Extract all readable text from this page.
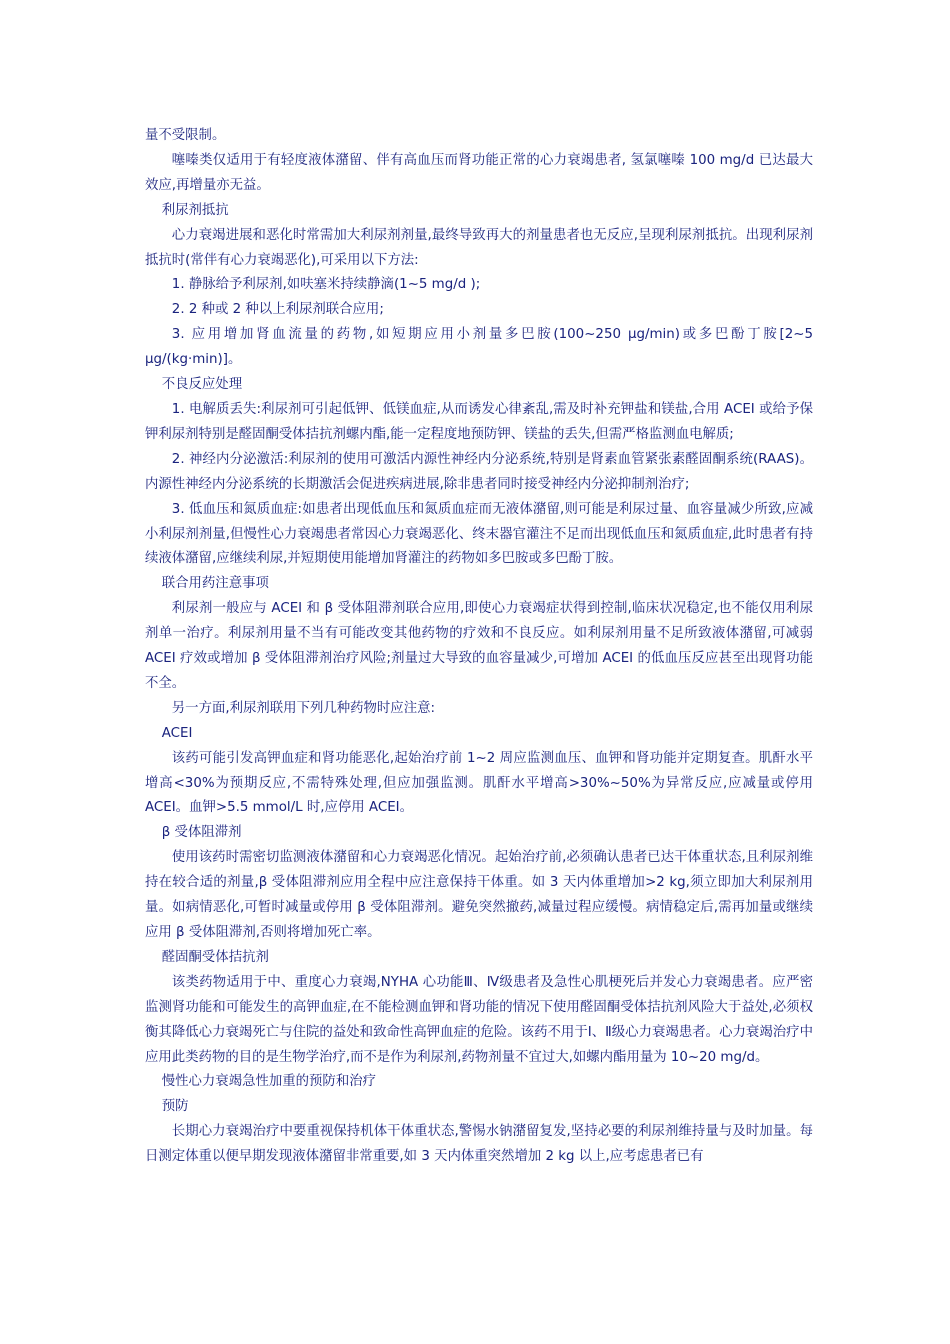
量不受限制。

噻嗪类仅适用于有轻度液体潴留、伴有高血压而肾功能正常的心力衰竭患者, 氢氯噻嗪 100 mg/d 已达最大效应,再增量亦无益。

利尿剂抵抗

心力衰竭进展和恶化时常需加大利尿剂剂量,最终导致再大的剂量患者也无反应,呈现利尿剂抵抗。出现利尿剂抵抗时(常伴有心力衰竭恶化),可采用以下方法:

1. 静脉给予利尿剂,如呋塞米持续静滴(1~5 mg/d );

2. 2 种或 2 种以上利尿剂联合应用;

3. 应用增加肾血流量的药物,如短期应用小剂量多巴胺(100~250 μg/min)或多巴酚丁胺[2~5 μg/(kg·min)]。

不良反应处理

1. 电解质丢失:利尿剂可引起低钾、低镁血症,从而诱发心律紊乱,需及时补充钾盐和镁盐,合用 ACEI 或给予保钾利尿剂特别是醛固酮受体拮抗剂螺内酯,能一定程度地预防钾、镁盐的丢失,但需严格监测血电解质;

2. 神经内分泌激活:利尿剂的使用可激活内源性神经内分泌系统,特别是肾素血管紧张素醛固酮系统(RAAS)。内源性神经内分泌系统的长期激活会促进疾病进展,除非患者同时接受神经内分泌抑制剂治疗;

3. 低血压和氮质血症:如患者出现低血压和氮质血症而无液体潴留,则可能是利尿过量、血容量减少所致,应减小利尿剂剂量,但慢性心力衰竭患者常因心力衰竭恶化、终末器官灌注不足而出现低血压和氮质血症,此时患者有持续液体潴留,应继续利尿,并短期使用能增加肾灌注的药物如多巴胺或多巴酚丁胺。

联合用药注意事项

利尿剂一般应与 ACEI 和 β 受体阻滞剂联合应用,即使心力衰竭症状得到控制,临床状况稳定,也不能仅用利尿剂单一治疗。利尿剂用量不当有可能改变其他药物的疗效和不良反应。如利尿剂用量不足所致液体潴留,可减弱 ACEI 疗效或增加 β 受体阻滞剂治疗风险;剂量过大导致的血容量减少,可增加 ACEI 的低血压反应甚至出现肾功能不全。

另一方面,利尿剂联用下列几种药物时应注意:

ACEI

该药可能引发高钾血症和肾功能恶化,起始治疗前 1~2 周应监测血压、血钾和肾功能并定期复查。肌酐水平增高<30%为预期反应,不需特殊处理,但应加强监测。肌酐水平增高>30%~50%为异常反应,应减量或停用 ACEI。血钾>5.5 mmol/L 时,应停用 ACEI。

β 受体阻滞剂

使用该药时需密切监测液体潴留和心力衰竭恶化情况。起始治疗前,必须确认患者已达干体重状态,且利尿剂维持在较合适的剂量,β 受体阻滞剂应用全程中应注意保持干体重。如 3 天内体重增加>2 kg,须立即加大利尿剂用量。如病情恶化,可暂时减量或停用 β 受体阻滞剂。避免突然撤药,减量过程应缓慢。病情稳定后,需再加量或继续应用 β 受体阻滞剂,否则将增加死亡率。

醛固酮受体拮抗剂

该类药物适用于中、重度心力衰竭,NYHA 心功能Ⅲ、Ⅳ级患者及急性心肌梗死后并发心力衰竭患者。应严密监测肾功能和可能发生的高钾血症,在不能检测血钾和肾功能的情况下使用醛固酮受体拮抗剂风险大于益处,必须权衡其降低心力衰竭死亡与住院的益处和致命性高钾血症的危险。该药不用于Ⅰ、Ⅱ级心力衰竭患者。心力衰竭治疗中应用此类药物的目的是生物学治疗,而不是作为利尿剂,药物剂量不宜过大,如螺内酯用量为 10~20 mg/d。

慢性心力衰竭急性加重的预防和治疗

预防

长期心力衰竭治疗中要重视保持机体干体重状态,警惕水钠潴留复发,坚持必要的利尿剂维持量与及时加量。每日测定体重以便早期发现液体潴留非常重要,如 3 天内体重突然增加 2 kg 以上,应考虑患者已有
